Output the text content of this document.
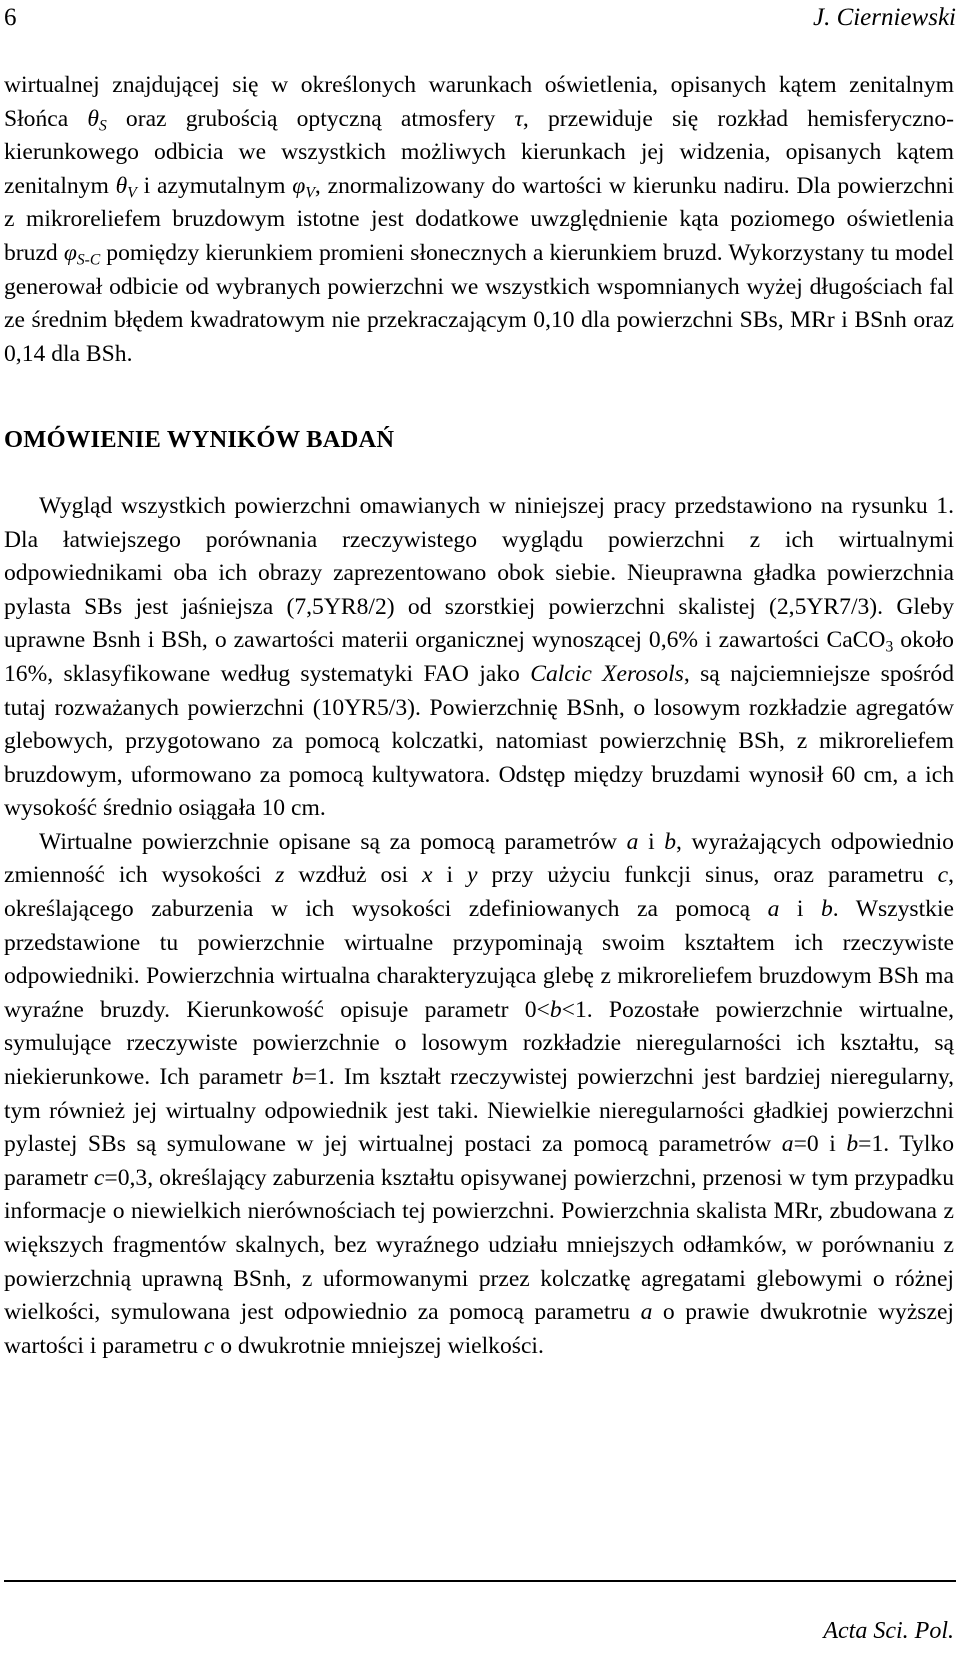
6	J. Cierniewski

wirtualnej znajdującej się w określonych warunkach oświetlenia, opisanych kątem zenitalnym Słońca $\theta_S$ oraz grubością optyczną atmosfery τ, przewiduje się rozkład hemisferyczno-kierunkowego odbicia we wszystkich możliwych kierunkach jej widzenia, opisanych kątem zenitalnym $\theta_V$ i azymutalnym $\varphi_V$, znormalizowany do wartości w kierunku nadiru. Dla powierzchni z mikroreliefem bruzdowym istotne jest dodatkowe uwzględnienie kąta poziomego oświetlenia bruzd $\varphi_{S-C}$ pomiędzy kierunkiem promieni słonecznych a kierunkiem bruzd. Wykorzystany tu model generował odbicie od wybranych powierzchni we wszystkich wspomnianych wyżej długościach fal ze średnim błędem kwadratowym nie przekraczającym 0,10 dla powierzchni SBs, MRr i BSnh oraz 0,14 dla BSh.

OMÓWIENIE WYNIKÓW BADAŃ

Wygląd wszystkich powierzchni omawianych w niniejszej pracy przedstawiono na rysunku 1. Dla łatwiejszego porównania rzeczywistego wyglądu powierzchni z ich wirtualnymi odpowiednikami oba ich obrazy zaprezentowano obok siebie. Nieuprawna gładka powierzchnia pylasta SBs jest jaśniejsza (7,5YR8/2) od szorstkiej powierzchni skalistej (2,5YR7/3). Gleby uprawne Bsnh i BSh, o zawartości materii organicznej wynoszącej 0,6% i zawartości CaCO$_3$ około 16%, sklasyfikowane według systematyki FAO jako Calcic Xerosols, są najciemniejsze spośród tutaj rozważanych powierzchni (10YR5/3). Powierzchnię BSnh, o losowym rozkładzie agregatów glebowych, przygotowano za pomocą kolczatki, natomiast powierzchnię BSh, z mikroreliefem bruzdowym, uformowano za pomocą kultywatora. Odstęp między bruzdami wynosił 60 cm, a ich wysokość średnio osiągała 10 cm.

Wirtualne powierzchnie opisane są za pomocą parametrów a i b, wyrażających odpowiednio zmienność ich wysokości z wzdłuż osi x i y przy użyciu funkcji sinus, oraz parametru c, określającego zaburzenia w ich wysokości zdefiniowanych za pomocą a i b. Wszystkie przedstawione tu powierzchnie wirtualne przypominają swoim kształtem ich rzeczywiste odpowiedniki. Powierzchnia wirtualna charakteryzująca glebę z mikroreliefem bruzdowym BSh ma wyraźne bruzdy. Kierunkowość opisuje parametr 0<b<1. Pozostałe powierzchnie wirtualne, symulujące rzeczywiste powierzchnie o losowym rozkładzie nieregularności ich kształtu, są niekierunkowe. Ich parametr b=1. Im kształt rzeczywistej powierzchni jest bardziej nieregularny, tym również jej wirtualny odpowiednik jest taki. Niewielkie nieregularności gładkiej powierzchni pylastej SBs są symulowane w jej wirtualnej postaci za pomocą parametrów a=0 i b=1. Tylko parametr c=0,3, określający zaburzenia kształtu opisywanej powierzchni, przenosi w tym przypadku informacje o niewielkich nierównościach tej powierzchni. Powierzchnia skalista MRr, zbudowana z większych fragmentów skalnych, bez wyraźnego udziału mniejszych odłamków, w porównaniu z powierzchnią uprawną BSnh, z uformowanymi przez kolczatkę agregatami glebowymi o różnej wielkości, symulowana jest odpowiednio za pomocą parametru a o prawie dwukrotnie wyższej wartości i parametru c o dwukrotnie mniejszej wielkości.

Acta Sci. Pol.
